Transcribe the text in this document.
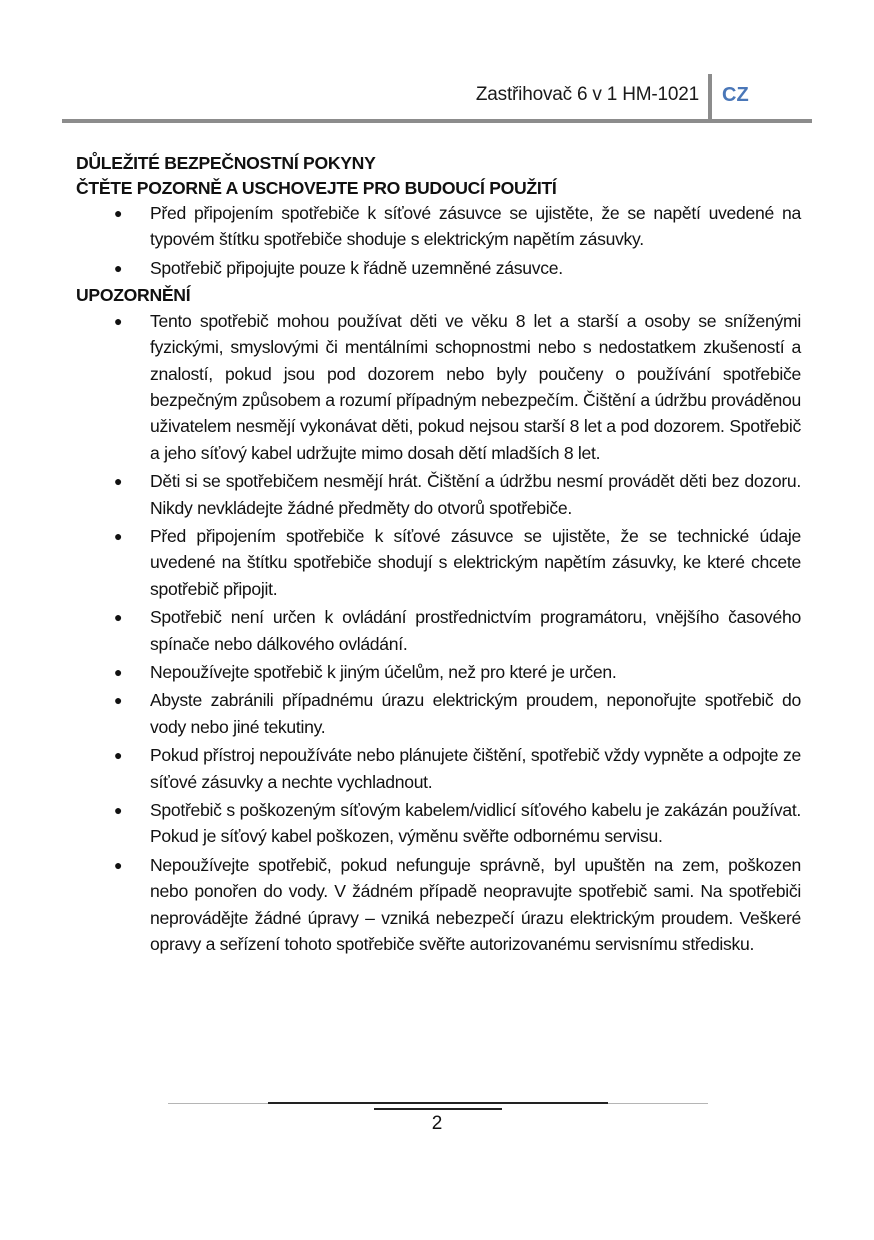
Zastřihovač 6 v 1 HM-1021 CZ
DŮLEŽITÉ BEZPEČNOSTNÍ POKYNY
ČTĚTE POZORNĚ A USCHOVEJTE PRO BUDOUCÍ POUŽITÍ
● Před připojením spotřebiče k síťové zásuvce se ujistěte, že se napětí uvedené na typovém štítku spotřebiče shoduje s elektrickým napětím zásuvky.
● Spotřebič připojujte pouze k řádně uzemněné zásuvce.
UPOZORNĚNÍ
● Tento spotřebič mohou používat děti ve věku 8 let a starší a osoby se sníženými fyzickými, smyslovými či mentálními schopnostmi nebo s nedostatkem zkušeností a znalostí, pokud jsou pod dozorem nebo byly poučeny o používání spotřebiče bezpečným způsobem a rozumí případným nebezpečím. Čištění a údržbu prováděnou uživatelem nesmějí vykonávat děti, pokud nejsou starší 8 let a pod dozorem. Spotřebič a jeho síťový kabel udržujte mimo dosah dětí mladších 8 let.
● Děti si se spotřebičem nesmějí hrát. Čištění a údržbu nesmí provádět děti bez dozoru. Nikdy nevkládejte žádné předměty do otvorů spotřebiče.
● Před připojením spotřebiče k síťové zásuvce se ujistěte, že se technické údaje uvedené na štítku spotřebiče shodují s elektrickým napětím zásuvky, ke které chcete spotřebič připojit.
● Spotřebič není určen k ovládání prostřednictvím programátoru, vnějšího časového spínače nebo dálkového ovládání.
● Nepoužívejte spotřebič k jiným účelům, než pro které je určen.
● Abyste zabránili případnému úrazu elektrickým proudem, neponořujte spotřebič do vody nebo jiné tekutiny.
● Pokud přístroj nepoužíváte nebo plánujete čištění, spotřebič vždy vypněte a odpojte ze síťové zásuvky a nechte vychladnout.
● Spotřebič s poškozeným síťovým kabelem/vidlicí síťového kabelu je zakázán používat. Pokud je síťový kabel poškozen, výměnu svěřte odbornému servisu.
● Nepoužívejte spotřebič, pokud nefunguje správně, byl upuštěn na zem, poškozen nebo ponořen do vody. V žádném případě neopravujte spotřebič sami. Na spotřebiči neprovádějte žádné úpravy – vzniká nebezpečí úrazu elektrickým proudem. Veškeré opravy a seřízení tohoto spotřebiče svěřte autorizovanému servisnímu středisku.
2
